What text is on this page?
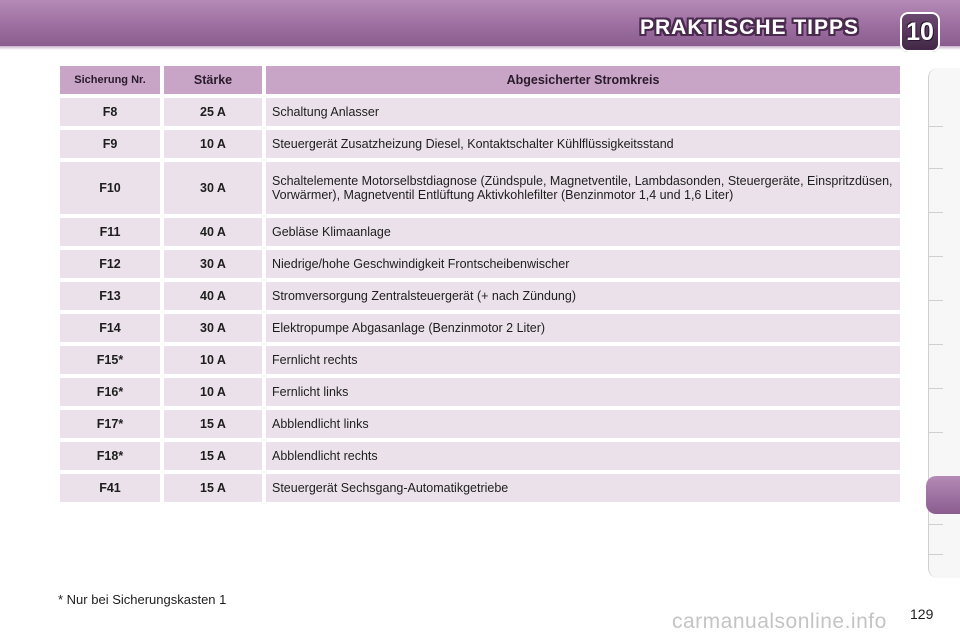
PRAKTISCHE TIPPS 10
Sicherung Nr.	Stärke	Abgesicherter Stromkreis
F8	25 A	Schaltung Anlasser
F9	10 A	Steuergerät Zusatzheizung Diesel, Kontaktschalter Kühlflüssigkeitsstand
F10	30 A	Schaltelemente Motorselbstdiagnose (Zündspule, Magnetventile, Lambdasonden, Steuergeräte, Einspritzdüsen, Vorwärmer), Magnetventil Entlüftung Aktivkohlefilter (Benzinmotor 1,4 und 1,6 Liter)
F11	40 A	Gebläse Klimaanlage
F12	30 A	Niedrige/hohe Geschwindigkeit Frontscheibenwischer
F13	40 A	Stromversorgung Zentralsteuergerät (+ nach Zündung)
F14	30 A	Elektropumpe Abgasanlage (Benzinmotor 2 Liter)
F15*	10 A	Fernlicht rechts
F16*	10 A	Fernlicht links
F17*	15 A	Abblendlicht links
F18*	15 A	Abblendlicht rechts
F41	15 A	Steuergerät Sechsgang-Automatikgetriebe
* Nur bei Sicherungskasten 1
carmanualsonline.info 129
